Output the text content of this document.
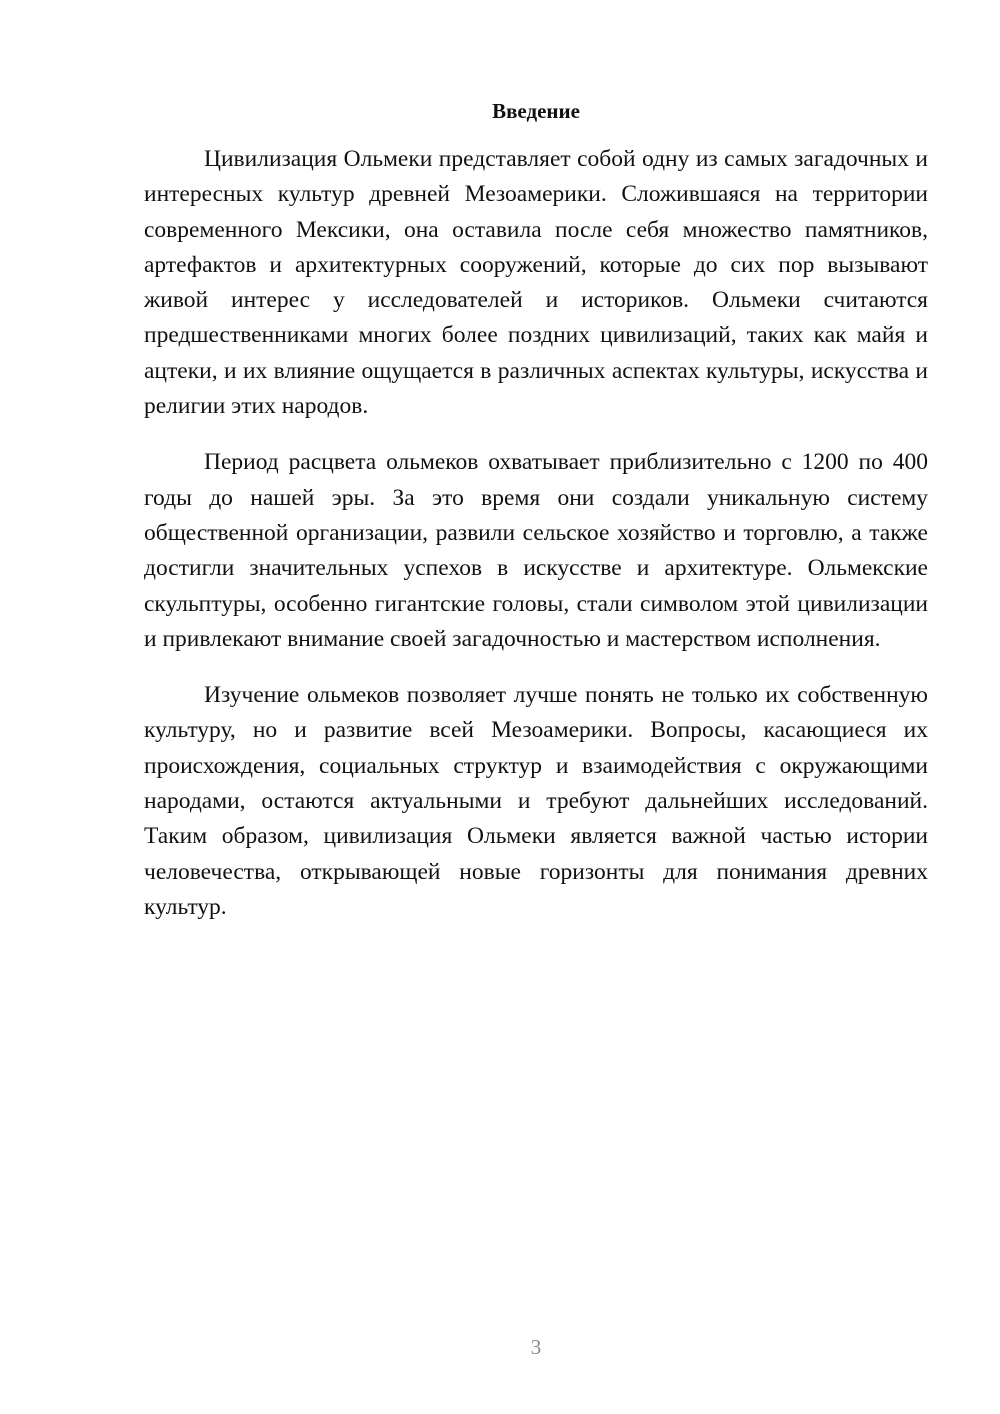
Введение

Цивилизация Ольмеки представляет собой одну из самых загадочных и интересных культур древней Мезоамерики. Сложившаяся на территории современного Мексики, она оставила после себя множество памятников, артефактов и архитектурных сооружений, которые до сих пор вызывают живой интерес у исследователей и историков. Ольмеки считаются предшественниками многих более поздних цивилизаций, таких как майя и ацтеки, и их влияние ощущается в различных аспектах культуры, искусства и религии этих народов.

Период расцвета ольмеков охватывает приблизительно с 1200 по 400 годы до нашей эры. За это время они создали уникальную систему общественной организации, развили сельское хозяйство и торговлю, а также достигли значительных успехов в искусстве и архитектуре. Ольмекские скульптуры, особенно гигантские головы, стали символом этой цивилизации и привлекают внимание своей загадочностью и мастерством исполнения.

Изучение ольмеков позволяет лучше понять не только их собственную культуру, но и развитие всей Мезоамерики. Вопросы, касающиеся их происхождения, социальных структур и взаимодействия с окружающими народами, остаются актуальными и требуют дальнейших исследований. Таким образом, цивилизация Ольмеки является важной частью истории человечества, открывающей новые горизонты для понимания древних культур.

3
